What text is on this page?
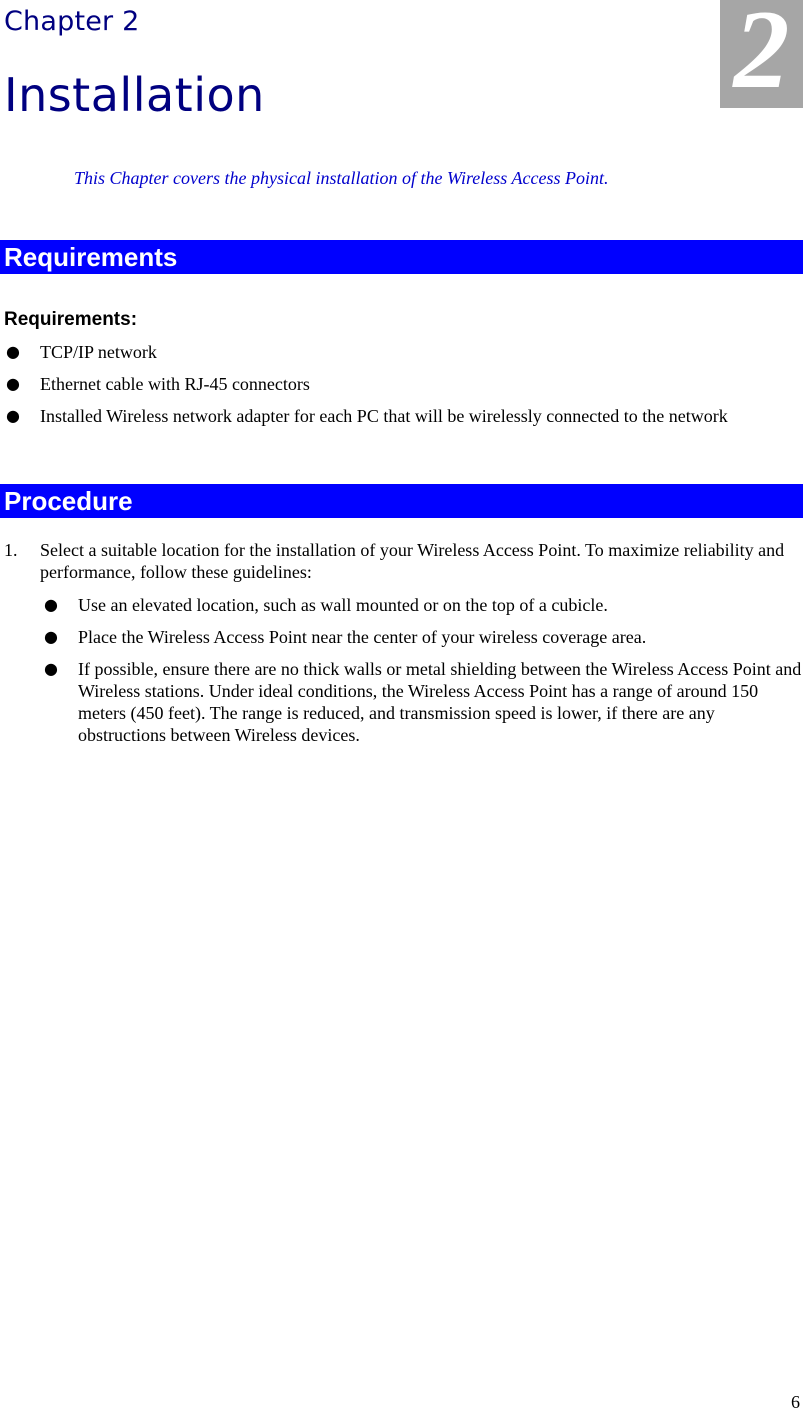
Chapter 2
Installation	2
This Chapter covers the physical installation of the Wireless Access Point.
Requirements
Requirements:
● TCP/IP network
● Ethernet cable with RJ-45 connectors
● Installed Wireless network adapter for each PC that will be wirelessly connected to the network
Procedure
1. Select a suitable location for the installation of your Wireless Access Point. To maximize reliability and performance, follow these guidelines:
● Use an elevated location, such as wall mounted or on the top of a cubicle.
● Place the Wireless Access Point near the center of your wireless coverage area.
● If possible, ensure there are no thick walls or metal shielding between the Wireless Access Point and Wireless stations. Under ideal conditions, the Wireless Access Point has a range of around 150 meters (450 feet). The range is reduced, and transmission speed is lower, if there are any obstructions between Wireless devices.
6
